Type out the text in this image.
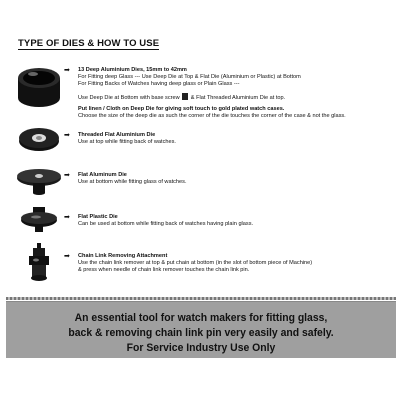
TYPE OF DIES & HOW TO USE
➡ 13 Deep Aluminium Dies, 15mm to 42mm
For Fitting deep Glass --- Use Deep Die at Top & Flat Die (Aluminium or Plastic) at Bottom
For Fitting Backs of Watches having deep glass or Plain Glass ---
Use Deep Die at Bottom with base screw & Flat Threaded Aluminium Die at top.
Put linen / Cloth on Deep Die for giving soft touch to gold plated watch cases.
Choose the size of the deep die as such the corner of the die touches the corner of the case & not the glass.
➡ Threaded Flat Aluminium Die
Use at top while fitting back of watches.
➡ Flat Aluminum Die
Use at bottom while fitting glass of watches.
➡ Flat Plastic Die
Can be used at bottom while fitting back of watches having plain glass.
➡ Chain Link Removing Attachment
Use the chain link remover at top & put chain at bottom (in the slot of bottom piece of Machine)
& press when needle of chain link remover touches the chain link pin.
An essential tool for watch makers for fitting glass,
back & removing chain link pin very easily and safely.
For Service Industry Use Only
